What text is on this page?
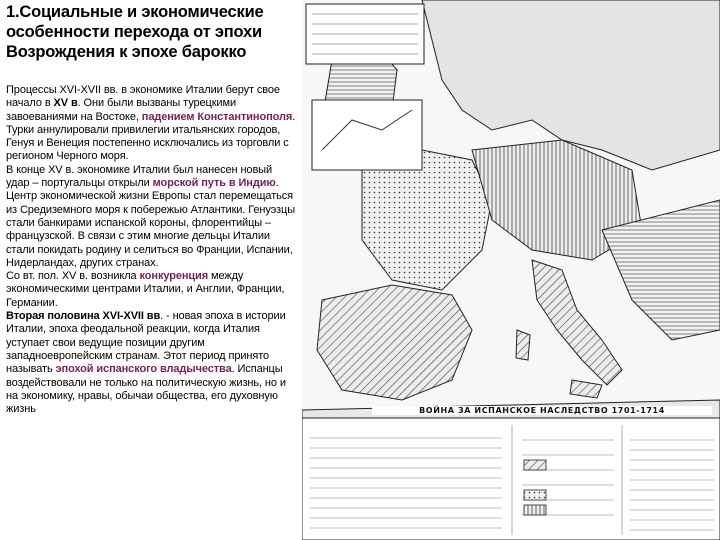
1.Социальные и экономические особенности перехода от эпохи Возрождения к эпохе барокко

Процессы XVI-XVII вв. в экономике Италии берут свое начало в XV в. Они были вызваны турецкими завоеваниями на Востоке, падением Константинополя. Турки аннулировали привилегии итальянских городов, Генуя и Венеция постепенно исключались из торговли с регионом Черного моря.

В конце XV в. экономике Италии был нанесен новый удар – португальцы открыли морской путь в Индию. Центр экономической жизни Европы стал перемещаться из Средиземного моря к побережью Атлантики. Генуэзцы стали банкирами испанской короны, флорентийцы – французской. В связи с этим многие дельцы Италии стали покидать родину и селиться во Франции, Испании, Нидерландах, других странах.

Со вт. пол. XV в. возникла конкуренция между экономическими центрами Италии, и Англии, Франции, Германии.

Вторая половина XVI-XVII вв. - новая эпоха в истории Италии, эпоха феодальной реакции, когда Италия уступает свои ведущие позиции другим западноевропейским странам. Этот период принято называть эпохой испанского владычества. Испанцы воздействовали не только на политическую жизнь, но и на экономику, нравы, обычаи общества, его духовную жизнь	ВОЙНА ЗА ИСПАНСКОЕ НАСЛЕДСТВО 1701-1714
